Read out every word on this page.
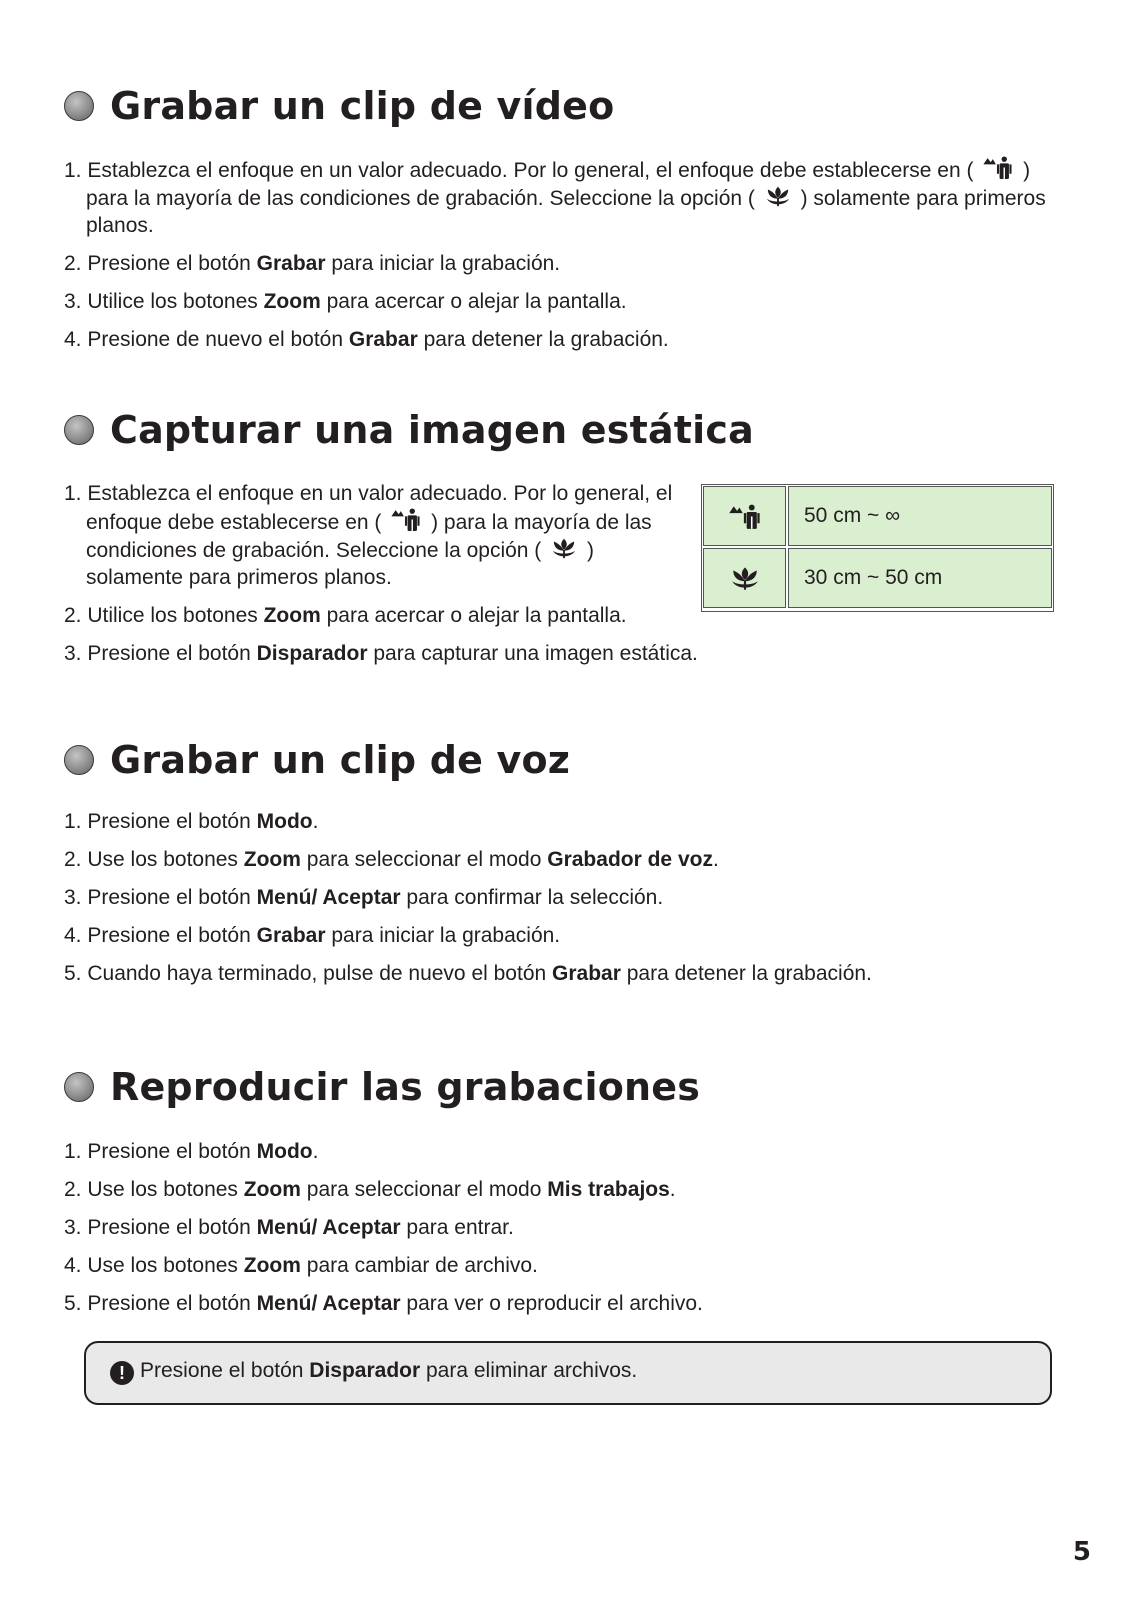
Grabar un clip de vídeo
1. Establezca el enfoque en un valor adecuado. Por lo general, el enfoque debe establecerse en ( ) para la mayoría de las condiciones de grabación. Seleccione la opción ( ) solamente para primeros planos.
2. Presione el botón Grabar para iniciar la grabación.
3. Utilice los botones Zoom para acercar o alejar la pantalla.
4. Presione de nuevo el botón Grabar para detener la grabación.
Capturar una imagen estática
1. Establezca el enfoque en un valor adecuado. Por lo general, el enfoque debe establecerse en ( ) para la mayoría de las condiciones de grabación. Seleccione la opción ( ) solamente para primeros planos.
2. Utilice los botones Zoom para acercar o alejar la pantalla.
3. Presione el botón Disparador para capturar una imagen estática.
50 cm ~ ∞
30 cm ~ 50 cm
Grabar un clip de voz
1. Presione el botón Modo.
2. Use los botones Zoom para seleccionar el modo Grabador de voz.
3. Presione el botón Menú/ Aceptar para confirmar la selección.
4. Presione el botón Grabar para iniciar la grabación.
5. Cuando haya terminado, pulse de nuevo el botón Grabar para detener la grabación.
Reproducir las grabaciones
1. Presione el botón Modo.
2. Use los botones Zoom para seleccionar el modo Mis trabajos.
3. Presione el botón Menú/ Aceptar para entrar.
4. Use los botones Zoom para cambiar de archivo.
5. Presione el botón Menú/ Aceptar para ver o reproducir el archivo.
! Presione el botón Disparador para eliminar archivos.
5
